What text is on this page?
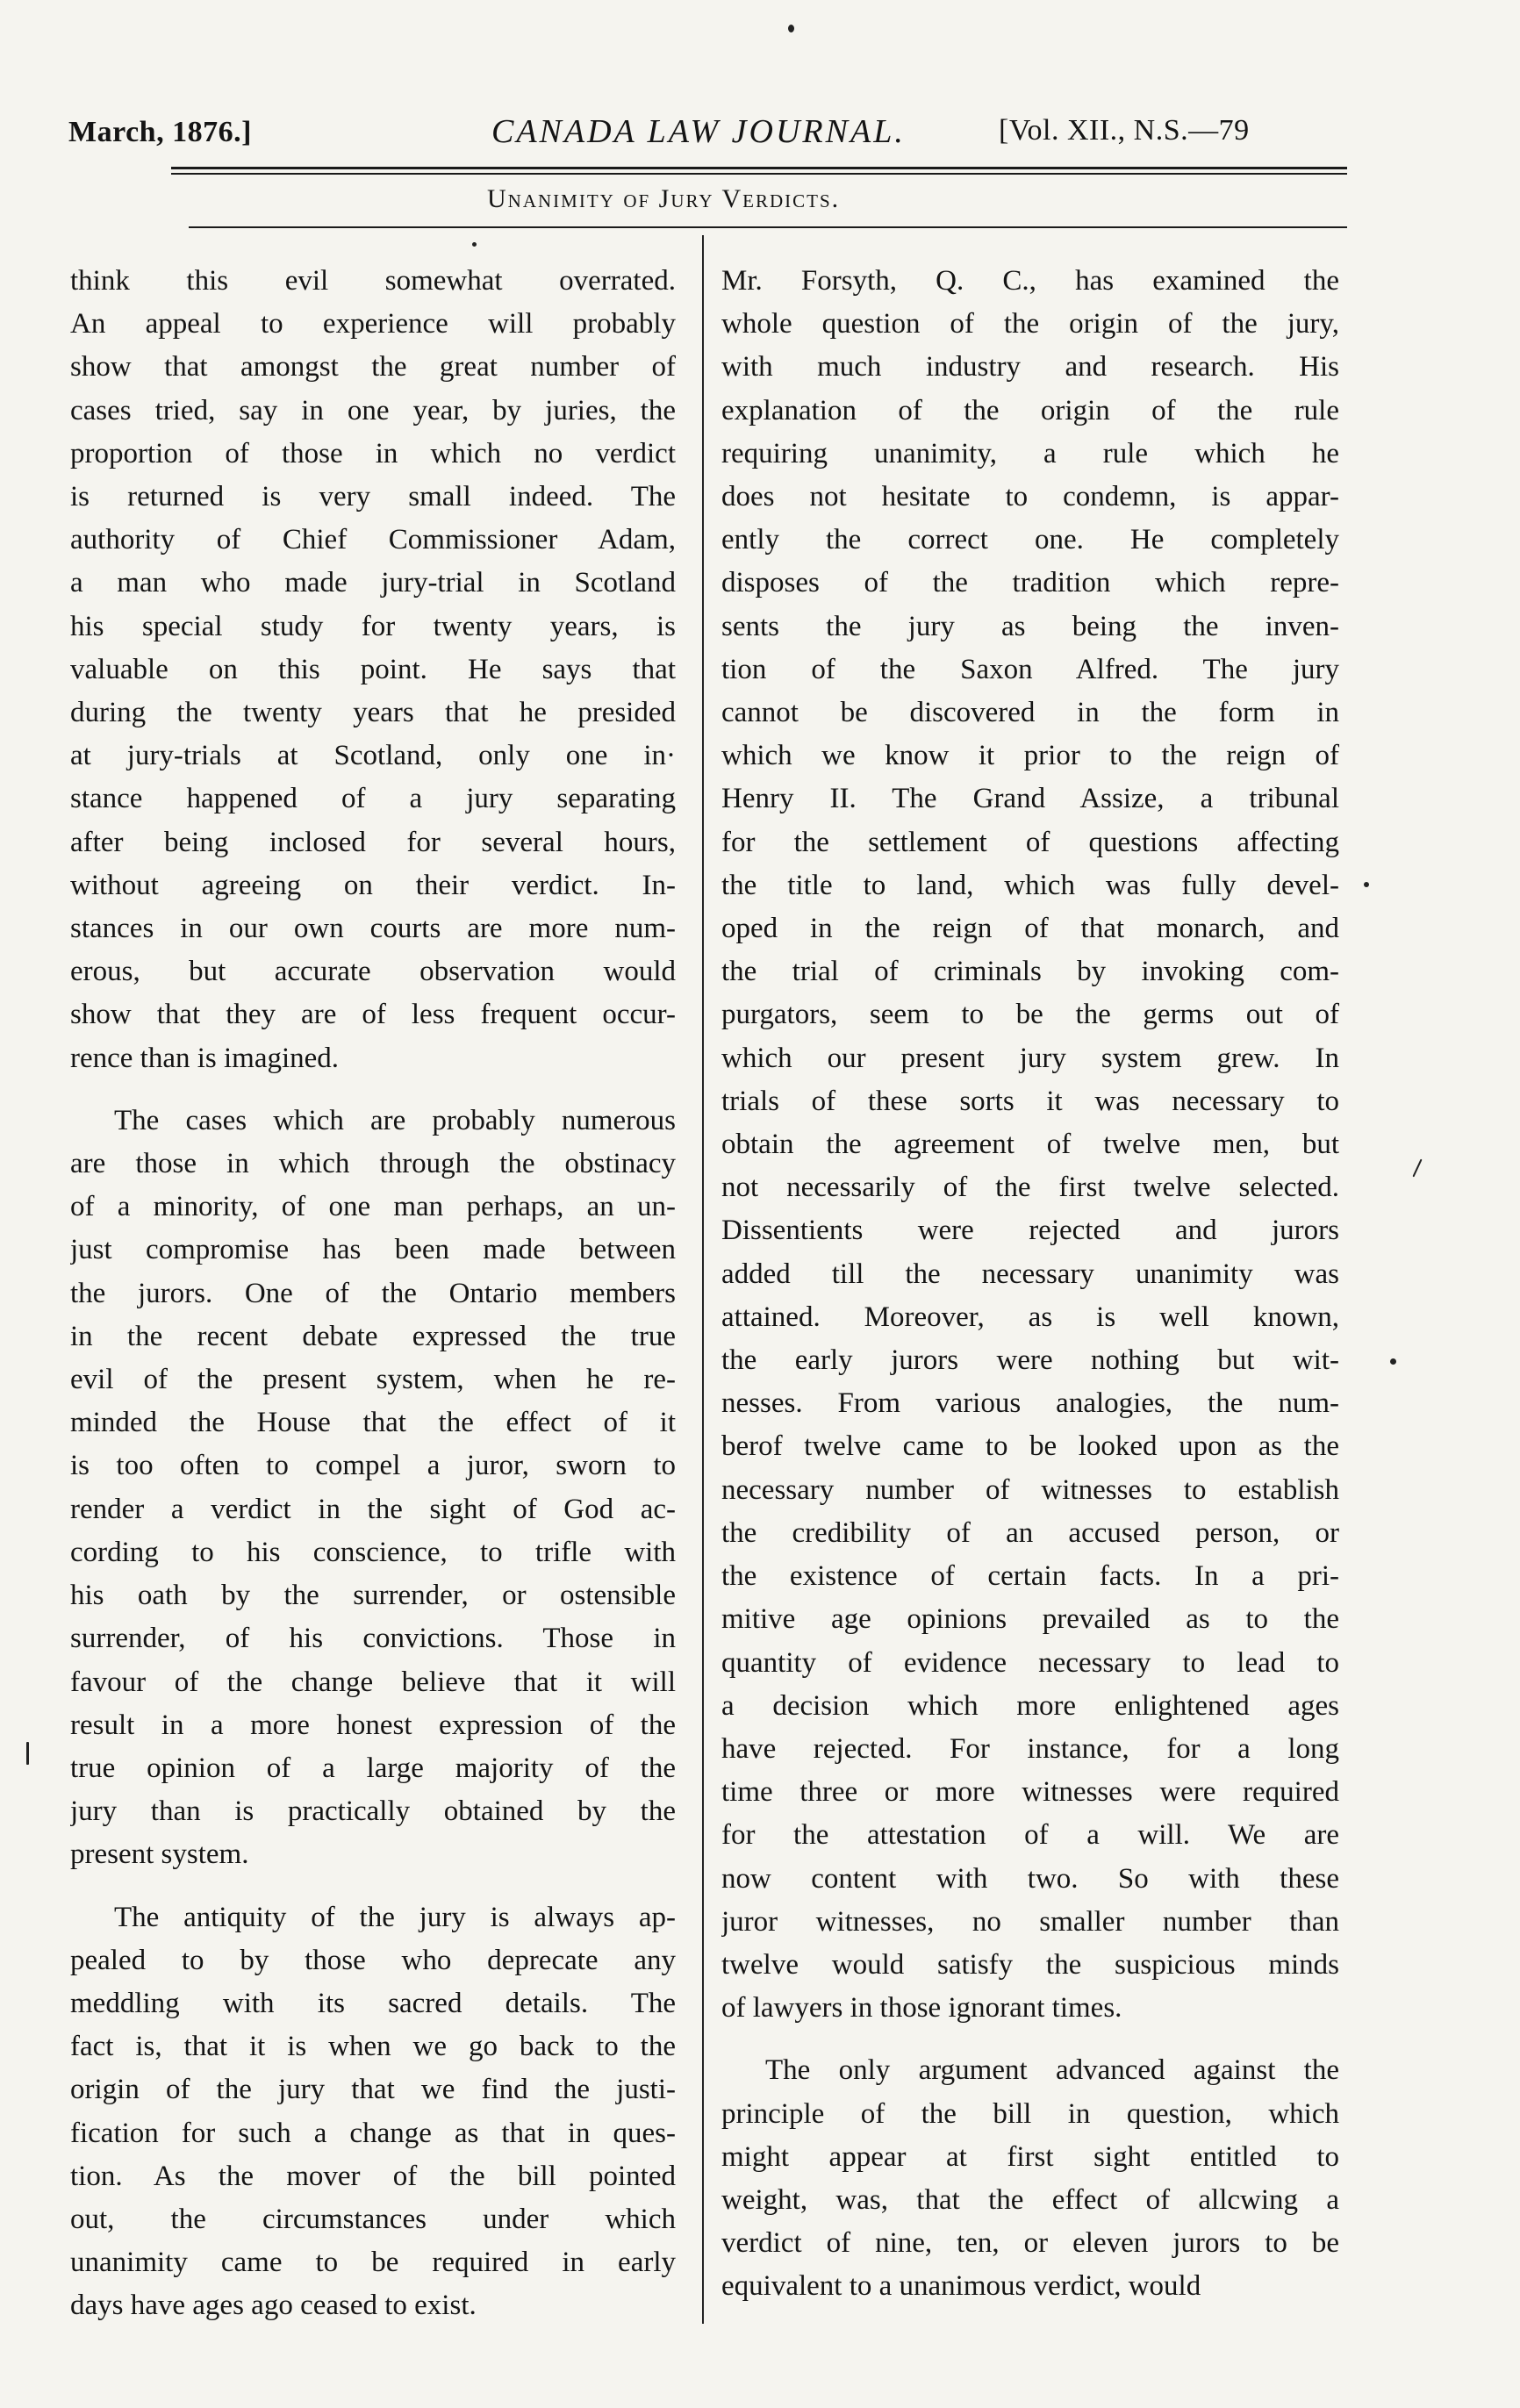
March, 1876.]	CANADA LAW JOURNAL.	[Vol. XII., N.S.—79
Unanimity of Jury Verdicts.
think this evil somewhat overrated.
An appeal to experience will probably
show that amongst the great number of
cases tried, say in one year, by juries, the
proportion of those in which no verdict
is returned is very small indeed. The
authority of Chief Commissioner Adam,
a man who made jury-trial in Scotland
his special study for twenty years, is
valuable on this point. He says that
during the twenty years that he presided
at jury-trials at Scotland, only one in·
stance happened of a jury separating
after being inclosed for several hours,
without agreeing on their verdict. In-
stances in our own courts are more num-
erous, but accurate observation would
show that they are of less frequent occur-
rence than is imagined.
The cases which are probably numerous
are those in which through the obstinacy
of a minority, of one man perhaps, an un-
just compromise has been made between
the jurors. One of the Ontario members
in the recent debate expressed the true
evil of the present system, when he re-
minded the House that the effect of it
is too often to compel a juror, sworn to
render a verdict in the sight of God ac-
cording to his conscience, to trifle with
his oath by the surrender, or ostensible
surrender, of his convictions. Those in
favour of the change believe that it will
result in a more honest expression of the
true opinion of a large majority of the
jury than is practically obtained by the
present system.
The antiquity of the jury is always ap-
pealed to by those who deprecate any
meddling with its sacred details. The
fact is, that it is when we go back to the
origin of the jury that we find the justi-
fication for such a change as that in ques-
tion. As the mover of the bill pointed
out, the circumstances under which
unanimity came to be required in early
days have ages ago ceased to exist.
Mr. Forsyth, Q. C., has examined the
whole question of the origin of the jury,
with much industry and research. His
explanation of the origin of the rule
requiring unanimity, a rule which he
does not hesitate to condemn, is appar-
ently the correct one. He completely
disposes of the tradition which repre-
sents the jury as being the inven-
tion of the Saxon Alfred. The jury
cannot be discovered in the form in
which we know it prior to the reign of
Henry II. The Grand Assize, a tribunal
for the settlement of questions affecting
the title to land, which was fully devel-
oped in the reign of that monarch, and
the trial of criminals by invoking com-
purgators, seem to be the germs out of
which our present jury system grew. In
trials of these sorts it was necessary to
obtain the agreement of twelve men, but
not necessarily of the first twelve selected.
Dissentients were rejected and jurors
added till the necessary unanimity was
attained. Moreover, as is well known,
the early jurors were nothing but wit-
nesses. From various analogies, the num-
berof twelve came to be looked upon as the
necessary number of witnesses to establish
the credibility of an accused person, or
the existence of certain facts. In a pri-
mitive age opinions prevailed as to the
quantity of evidence necessary to lead to
a decision which more enlightened ages
have rejected. For instance, for a long
time three or more witnesses were required
for the attestation of a will. We are
now content with two. So with these
juror witnesses, no smaller number than
twelve would satisfy the suspicious minds
of lawyers in those ignorant times.
The only argument advanced against the
principle of the bill in question, which
might appear at first sight entitled to
weight, was, that the effect of allcwing a
verdict of nine, ten, or eleven jurors to be
equivalent to a unanimous verdict, would
